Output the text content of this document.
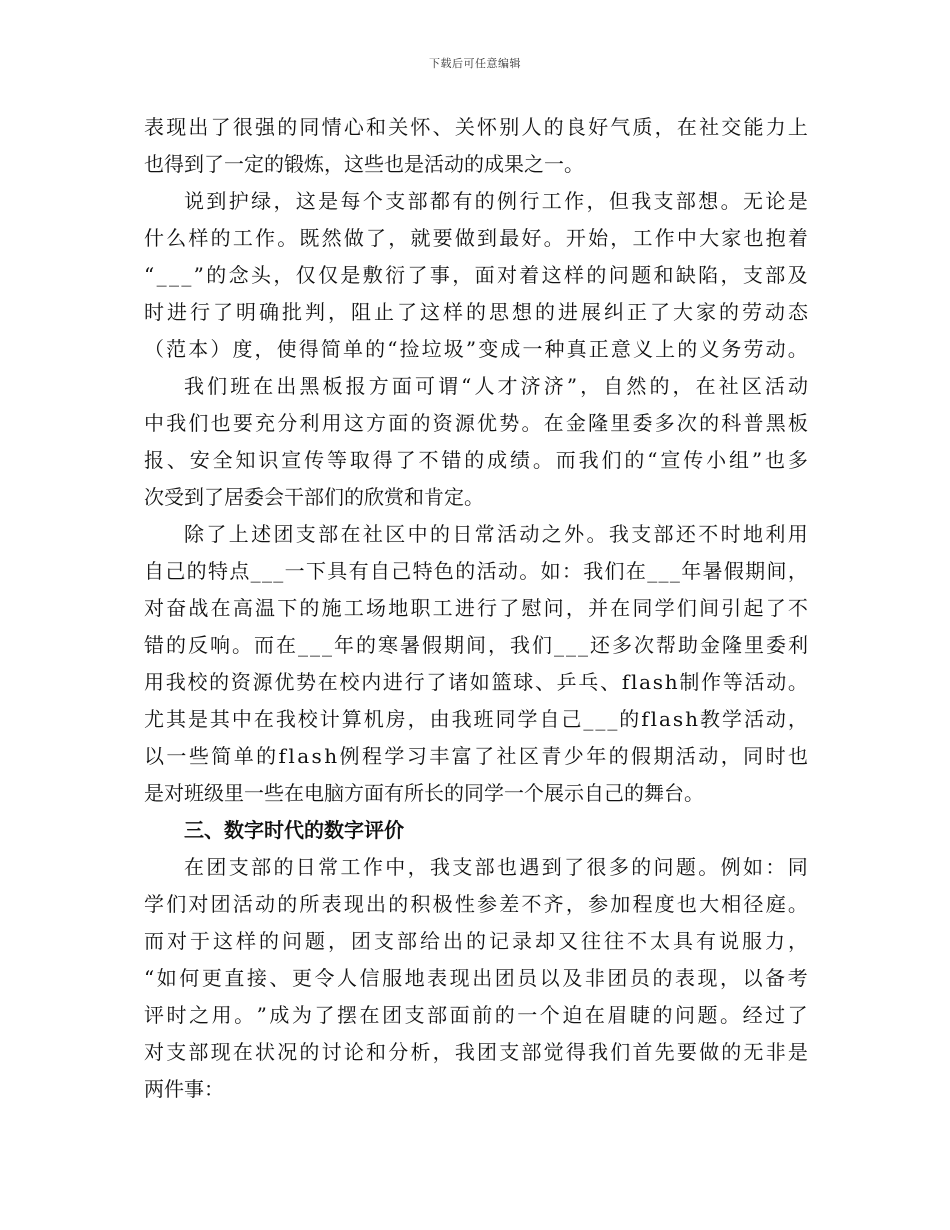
下载后可任意编辑
表 现 出 了 很 强 的 同 情 心 和 关 怀 、 关 怀 别 人 的 良 好 气 质 ， 在 社 交 能 力 上
也得到了一定的锻炼，这些也是活动的成果之一。
说 到 护 绿 ， 这 是 每 个 支 部 都 有 的 例 行 工 作 ， 但 我 支 部 想 。 无 论 是
什 么 样 的 工 作 。 既 然 做 了 ， 就 要 做 到 最 好 。 开 始 ， 工 作 中 大 家 也 抱 着
“ _ _ _ ” 的 念 头 ， 仅 仅 是 敷 衍 了 事 ， 面 对 着 这 样 的 问 题 和 缺 陷 ， 支 部 及
时 进 行 了 明 确 批 判 ， 阻 止 了 这 样 的 思 想 的 进 展 纠 正 了 大 家 的 劳 动 态
（ 范 本 ） 度 ， 使 得 简 单 的 “ 捡 垃 圾 ” 变 成 一 种 真 正 意 义 上 的 义 务 劳 动 。
我 们 班 在 出 黑 板 报 方 面 可 谓 “ 人 才 济 济 ” ， 自 然 的 ， 在 社 区 活 动
中 我 们 也 要 充 分 利 用 这 方 面 的 资 源 优 势 。 在 金 隆 里 委 多 次 的 科 普 黑 板
报 、 安 全 知 识 宣 传 等 取 得 了 不 错 的 成 绩 。 而 我 们 的 “ 宣 传 小 组 ” 也 多
次受到了居委会干部们的欣赏和肯定。
除 了 上 述 团 支 部 在 社 区 中 的 日 常 活 动 之 外 。 我 支 部 还 不 时 地 利 用
自 己 的 特 点 _ _ _ 一 下 具 有 自 己 特 色 的 活 动 。 如 ： 我 们 在 _ _ _ 年 暑 假 期 间 ，
对 奋 战 在 高 温 下 的 施 工 场 地 职 工 进 行 了 慰 问 ， 并 在 同 学 们 间 引 起 了 不
错 的 反 响 。 而 在 _ _ _ 年 的 寒 暑 假 期 间 ， 我 们 _ _ _ 还 多 次 帮 助 金 隆 里 委 利
用 我 校 的 资 源 优 势 在 校 内 进 行 了 诸 如 篮 球 、 乒 乓 、 f l a s h 制 作 等 活 动 。
尤 其 是 其 中 在 我 校 计 算 机 房 ， 由 我 班 同 学 自 己 _ _ _ 的 f l a s h 教 学 活 动 ，
以 一 些 简 单 的 f l a s h 例 程 学 习 丰 富 了 社 区 青 少 年 的 假 期 活 动 ， 同 时 也
是对班级里一些在电脑方面有所长的同学一个展示自己的舞台。
三、数字时代的数字评价
在 团 支 部 的 日 常 工 作 中 ， 我 支 部 也 遇 到 了 很 多 的 问 题 。 例 如 ： 同
学 们 对 团 活 动 的 所 表 现 出 的 积 极 性 参 差 不 齐 ， 参 加 程 度 也 大 相 径 庭 。
而 对 于 这 样 的 问 题 ， 团 支 部 给 出 的 记 录 却 又 往 往 不 太 具 有 说 服 力 ，
“ 如 何 更 直 接 、 更 令 人 信 服 地 表 现 出 团 员 以 及 非 团 员 的 表 现 ， 以 备 考
评 时 之 用 。 ” 成 为 了 摆 在 团 支 部 面 前 的 一 个 迫 在 眉 睫 的 问 题 。 经 过 了
对 支 部 现 在 状 况 的 讨 论 和 分 析 ， 我 团 支 部 觉 得 我 们 首 先 要 做 的 无 非 是
两件事：
